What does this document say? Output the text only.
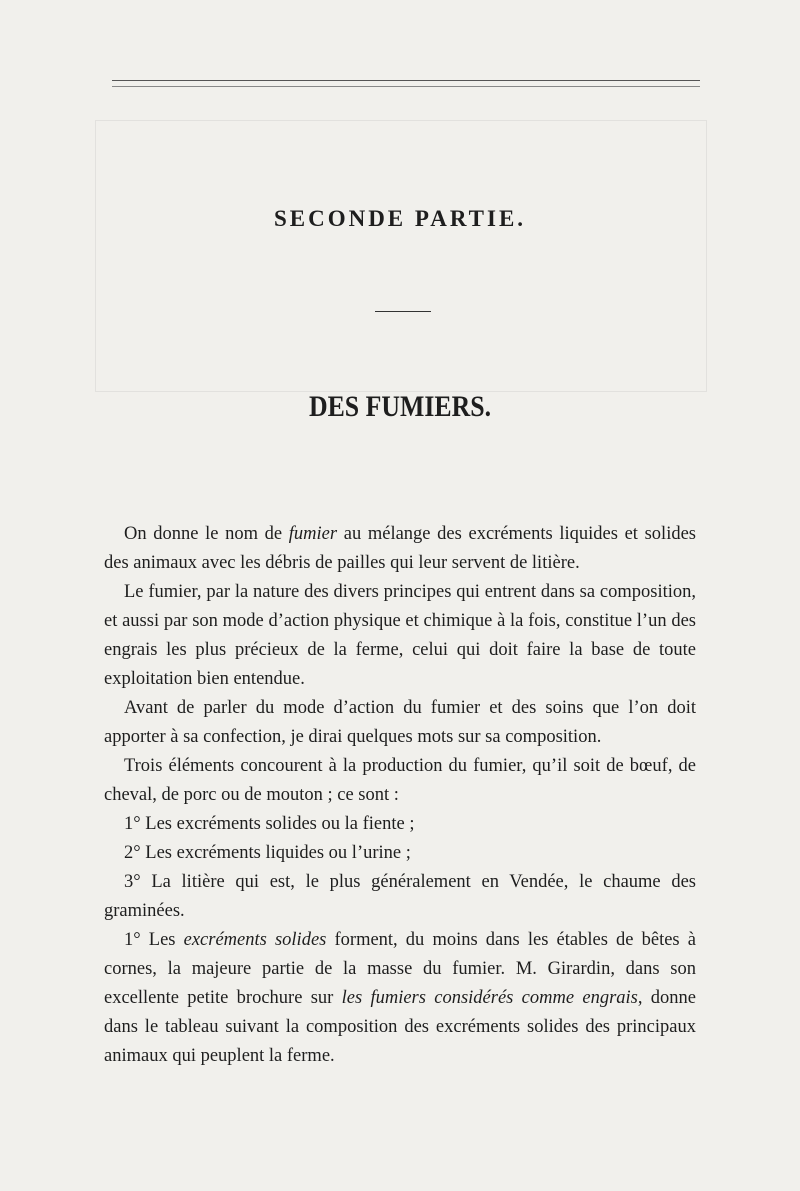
SECONDE PARTIE.
DES FUMIERS.

On donne le nom de fumier au mélange des excréments liquides et solides des animaux avec les débris de pailles qui leur servent de litière.

Le fumier, par la nature des divers principes qui entrent dans sa composition, et aussi par son mode d’action physique et chimique à la fois, constitue l’un des engrais les plus précieux de la ferme, celui qui doit faire la base de toute exploitation bien entendue.

Avant de parler du mode d’action du fumier et des soins que l’on doit apporter à sa confection, je dirai quelques mots sur sa composition.

Trois éléments concourent à la production du fumier, qu’il soit de bœuf, de cheval, de porc ou de mouton ; ce sont :

1° Les excréments solides ou la fiente ;

2° Les excréments liquides ou l’urine ;

3° La litière qui est, le plus généralement en Vendée, le chaume des graminées.

1° Les excréments solides forment, du moins dans les étables de bêtes à cornes, la majeure partie de la masse du fumier. M. Girardin, dans son excellente petite brochure sur les fumiers considérés comme engrais, donne dans le tableau suivant la composition des excréments solides des principaux animaux qui peuplent la ferme.
